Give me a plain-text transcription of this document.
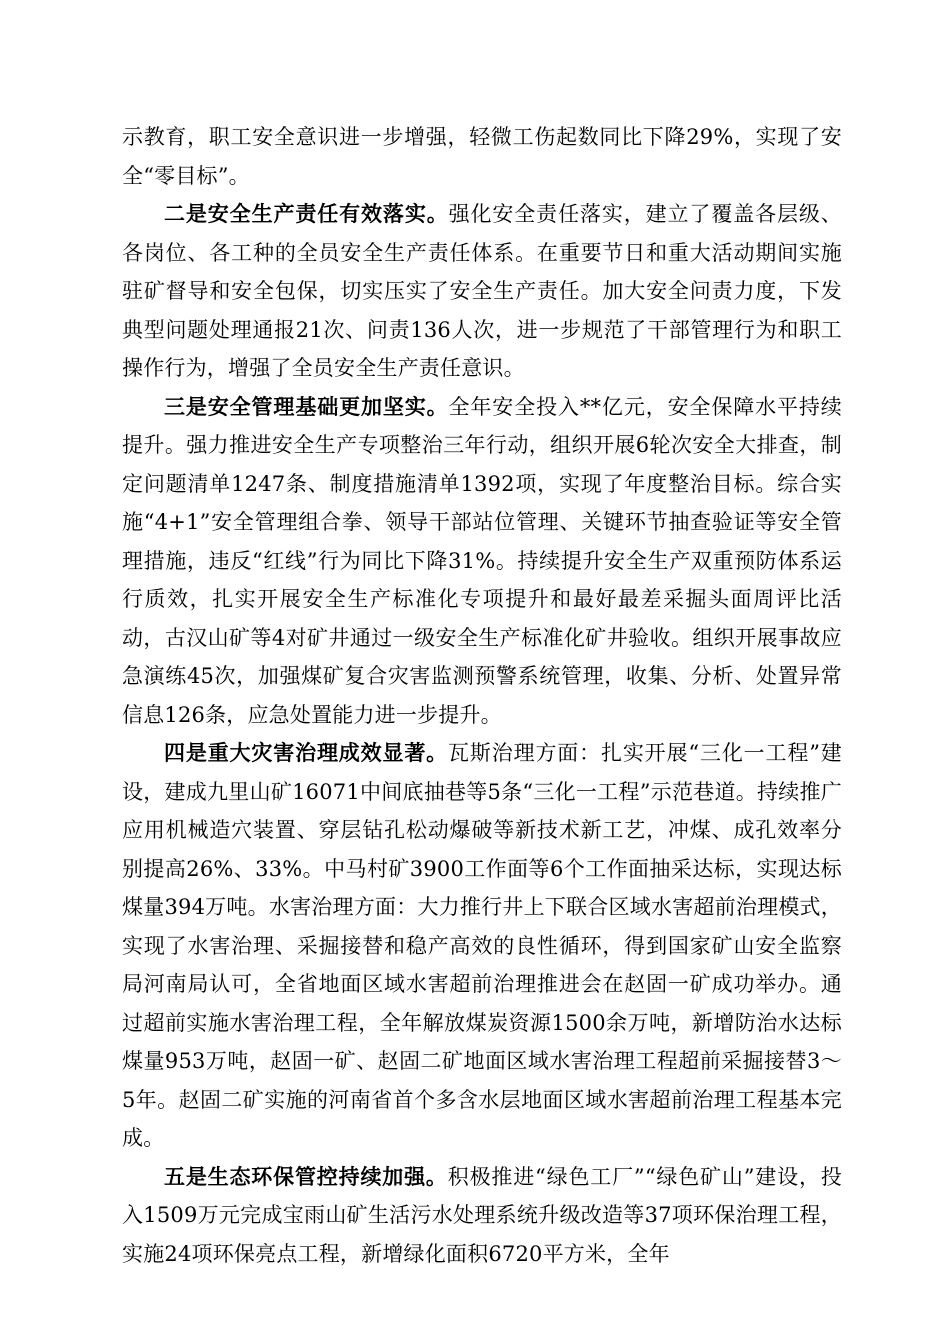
示教育，职工安全意识进一步增强，轻微工伤起数同比下降29%，实现了安全“零目标”。

二是安全生产责任有效落实。强化安全责任落实，建立了覆盖各层级、各岗位、各工种的全员安全生产责任体系。在重要节日和重大活动期间实施驻矿督导和安全包保，切实压实了安全生产责任。加大安全问责力度，下发典型问题处理通报21次、问责136人次，进一步规范了干部管理行为和职工操作行为，增强了全员安全生产责任意识。

三是安全管理基础更加坚实。全年安全投入**亿元，安全保障水平持续提升。强力推进安全生产专项整治三年行动，组织开展6轮次安全大排查，制定问题清单1247条、制度措施清单1392项，实现了年度整治目标。综合实施“4+1”安全管理组合拳、领导干部站位管理、关键环节抽查验证等安全管理措施，违反“红线”行为同比下降31%。持续提升安全生产双重预防体系运行质效，扎实开展安全生产标准化专项提升和最好最差采掘头面周评比活动，古汉山矿等4对矿井通过一级安全生产标准化矿井验收。组织开展事故应急演练45次，加强煤矿复合灾害监测预警系统管理，收集、分析、处置异常信息126条，应急处置能力进一步提升。

四是重大灾害治理成效显著。瓦斯治理方面：扎实开展“三化一工程”建设，建成九里山矿16071中间底抽巷等5条“三化一工程”示范巷道。持续推广应用机械造穴装置、穿层钻孔松动爆破等新技术新工艺，冲煤、成孔效率分别提高26%、33%。中马村矿3900工作面等6个工作面抽采达标，实现达标煤量394万吨。水害治理方面：大力推行井上下联合区域水害超前治理模式，实现了水害治理、采掘接替和稳产高效的良性循环，得到国家矿山安全监察局河南局认可，全省地面区域水害超前治理推进会在赵固一矿成功举办。通过超前实施水害治理工程，全年解放煤炭资源1500余万吨，新增防治水达标煤量953万吨，赵固一矿、赵固二矿地面区域水害治理工程超前采掘接替3～5年。赵固二矿实施的河南省首个多含水层地面区域水害超前治理工程基本完成。

五是生态环保管控持续加强。积极推进“绿色工厂”“绿色矿山”建设，投入1509万元完成宝雨山矿生活污水处理系统升级改造等37项环保治理工程，实施24项环保亮点工程，新增绿化面积6720平方米，全年
